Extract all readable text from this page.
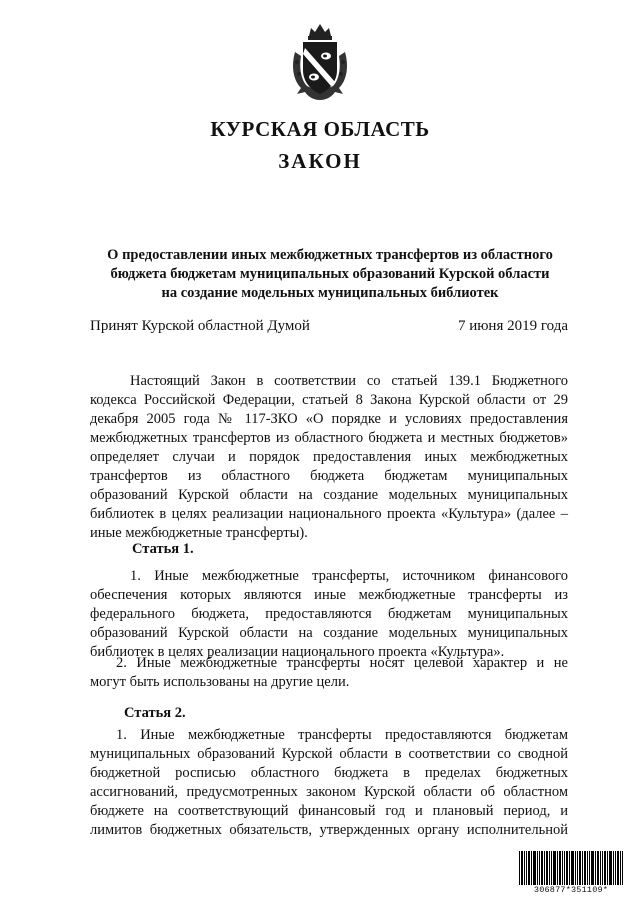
КУРСКАЯ ОБЛАСТЬ
ЗАКОН
О предоставлении иных межбюджетных трансфертов из областного
бюджета бюджетам муниципальных образований Курской области
на создание модельных муниципальных библиотек
Принят Курской областной Думой	7 июня 2019 года
Настоящий Закон в соответствии со статьей 139.1 Бюджетного
кодекса Российской Федерации, статьей 8 Закона Курской области от 29
декабря 2005 года № 117-ЗКО «О порядке и условиях предоставления
межбюджетных трансфертов из областного бюджета и местных бюджетов»
определяет случаи и порядок предоставления иных межбюджетных
трансфертов из областного бюджета бюджетам муниципальных
образований Курской области на создание модельных муниципальных
библиотек в целях реализации национального проекта «Культура» (далее –
иные межбюджетные трансферты).
Статья 1.
1. Иные межбюджетные трансферты, источником финансового
обеспечения которых являются иные межбюджетные трансферты из
федерального бюджета, предоставляются бюджетам муниципальных
образований Курской области на создание модельных муниципальных
библиотек в целях реализации национального проекта «Культура».
2. Иные межбюджетные трансферты носят целевой характер и не
могут быть использованы на другие цели.
Статья 2.
1. Иные межбюджетные трансферты предоставляются бюджетам
муниципальных образований Курской области в соответствии со сводной
бюджетной росписью областного бюджета в пределах бюджетных
ассигнований, предусмотренных законом Курской области об областном
бюджете на соответствующий финансовый год и плановый период, и
лимитов бюджетных обязательств, утвержденных органу исполнительной
306877*351109*
